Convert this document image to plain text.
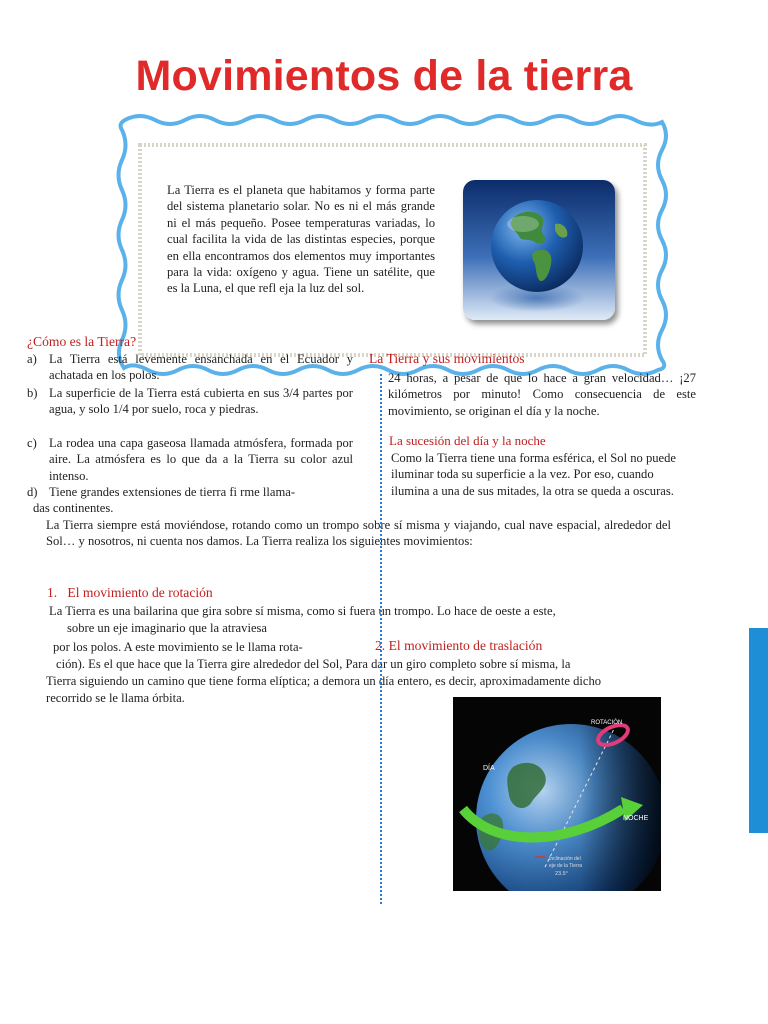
Movimientos de la tierra
La Tierra es el planeta que habitamos y forma parte del sistema planetario solar. No es ni el más grande ni el más pequeño. Posee temperaturas variadas, lo cual facilita la vida de las distintas especies, porque en ella encontramos dos elementos muy importantes para la vida: oxígeno y agua. Tiene un satélite, que es la Luna, el que refl eja la luz del sol.
¿Cómo es la Tierra?
a) La Tierra está levemente ensanchada en el Ecuador y achatada en los polos.
b) La superficie de la Tierra está cubierta en sus 3/4 partes por agua, y solo 1/4 por suelo, roca y piedras.
c) La rodea una capa gaseosa llamada atmósfera, formada por aire. La atmósfera es lo que da a la Tierra su color azul intenso.
d) Tiene grandes extensiones de tierra fi rme llama-
das continentes.
La Tierra y sus movimientos
24 horas, a pesar de que lo hace a gran velocidad… ¡27 kilómetros por minuto! Como consecuencia de este movimiento, se originan el día y la noche.
La sucesión del día y la noche
Como la Tierra tiene una forma esférica, el Sol no puede iluminar toda su superficie a la vez. Por eso, cuando ilumina a una de sus mitades, la otra se queda a oscuras.
La Tierra siempre está moviéndose, rotando como un trompo sobre sí misma y viajando, cual nave espacial, alrededor del Sol… y nosotros, ni cuenta nos damos. La Tierra realiza los siguientes movimientos:
1.   El movimiento de rotación
La Tierra es una bailarina que gira sobre sí misma, como si fuera un trompo. Lo hace de oeste a este,
sobre un eje imaginario que la atraviesa
por los polos. A este movimiento se le llama rota-	2. El movimiento de traslación
ción). Es el que hace que la Tierra gire alrededor del Sol, Para dar un giro completo sobre sí misma, la
Tierra siguiendo un camino que tiene forma elíptica; a demora un día entero, es decir, aproximadamente dicho
recorrido se le llama órbita.
ROTACIÓN
DÍA
NOCHE
Inclinación del
eje de la Tierra
23.5°
